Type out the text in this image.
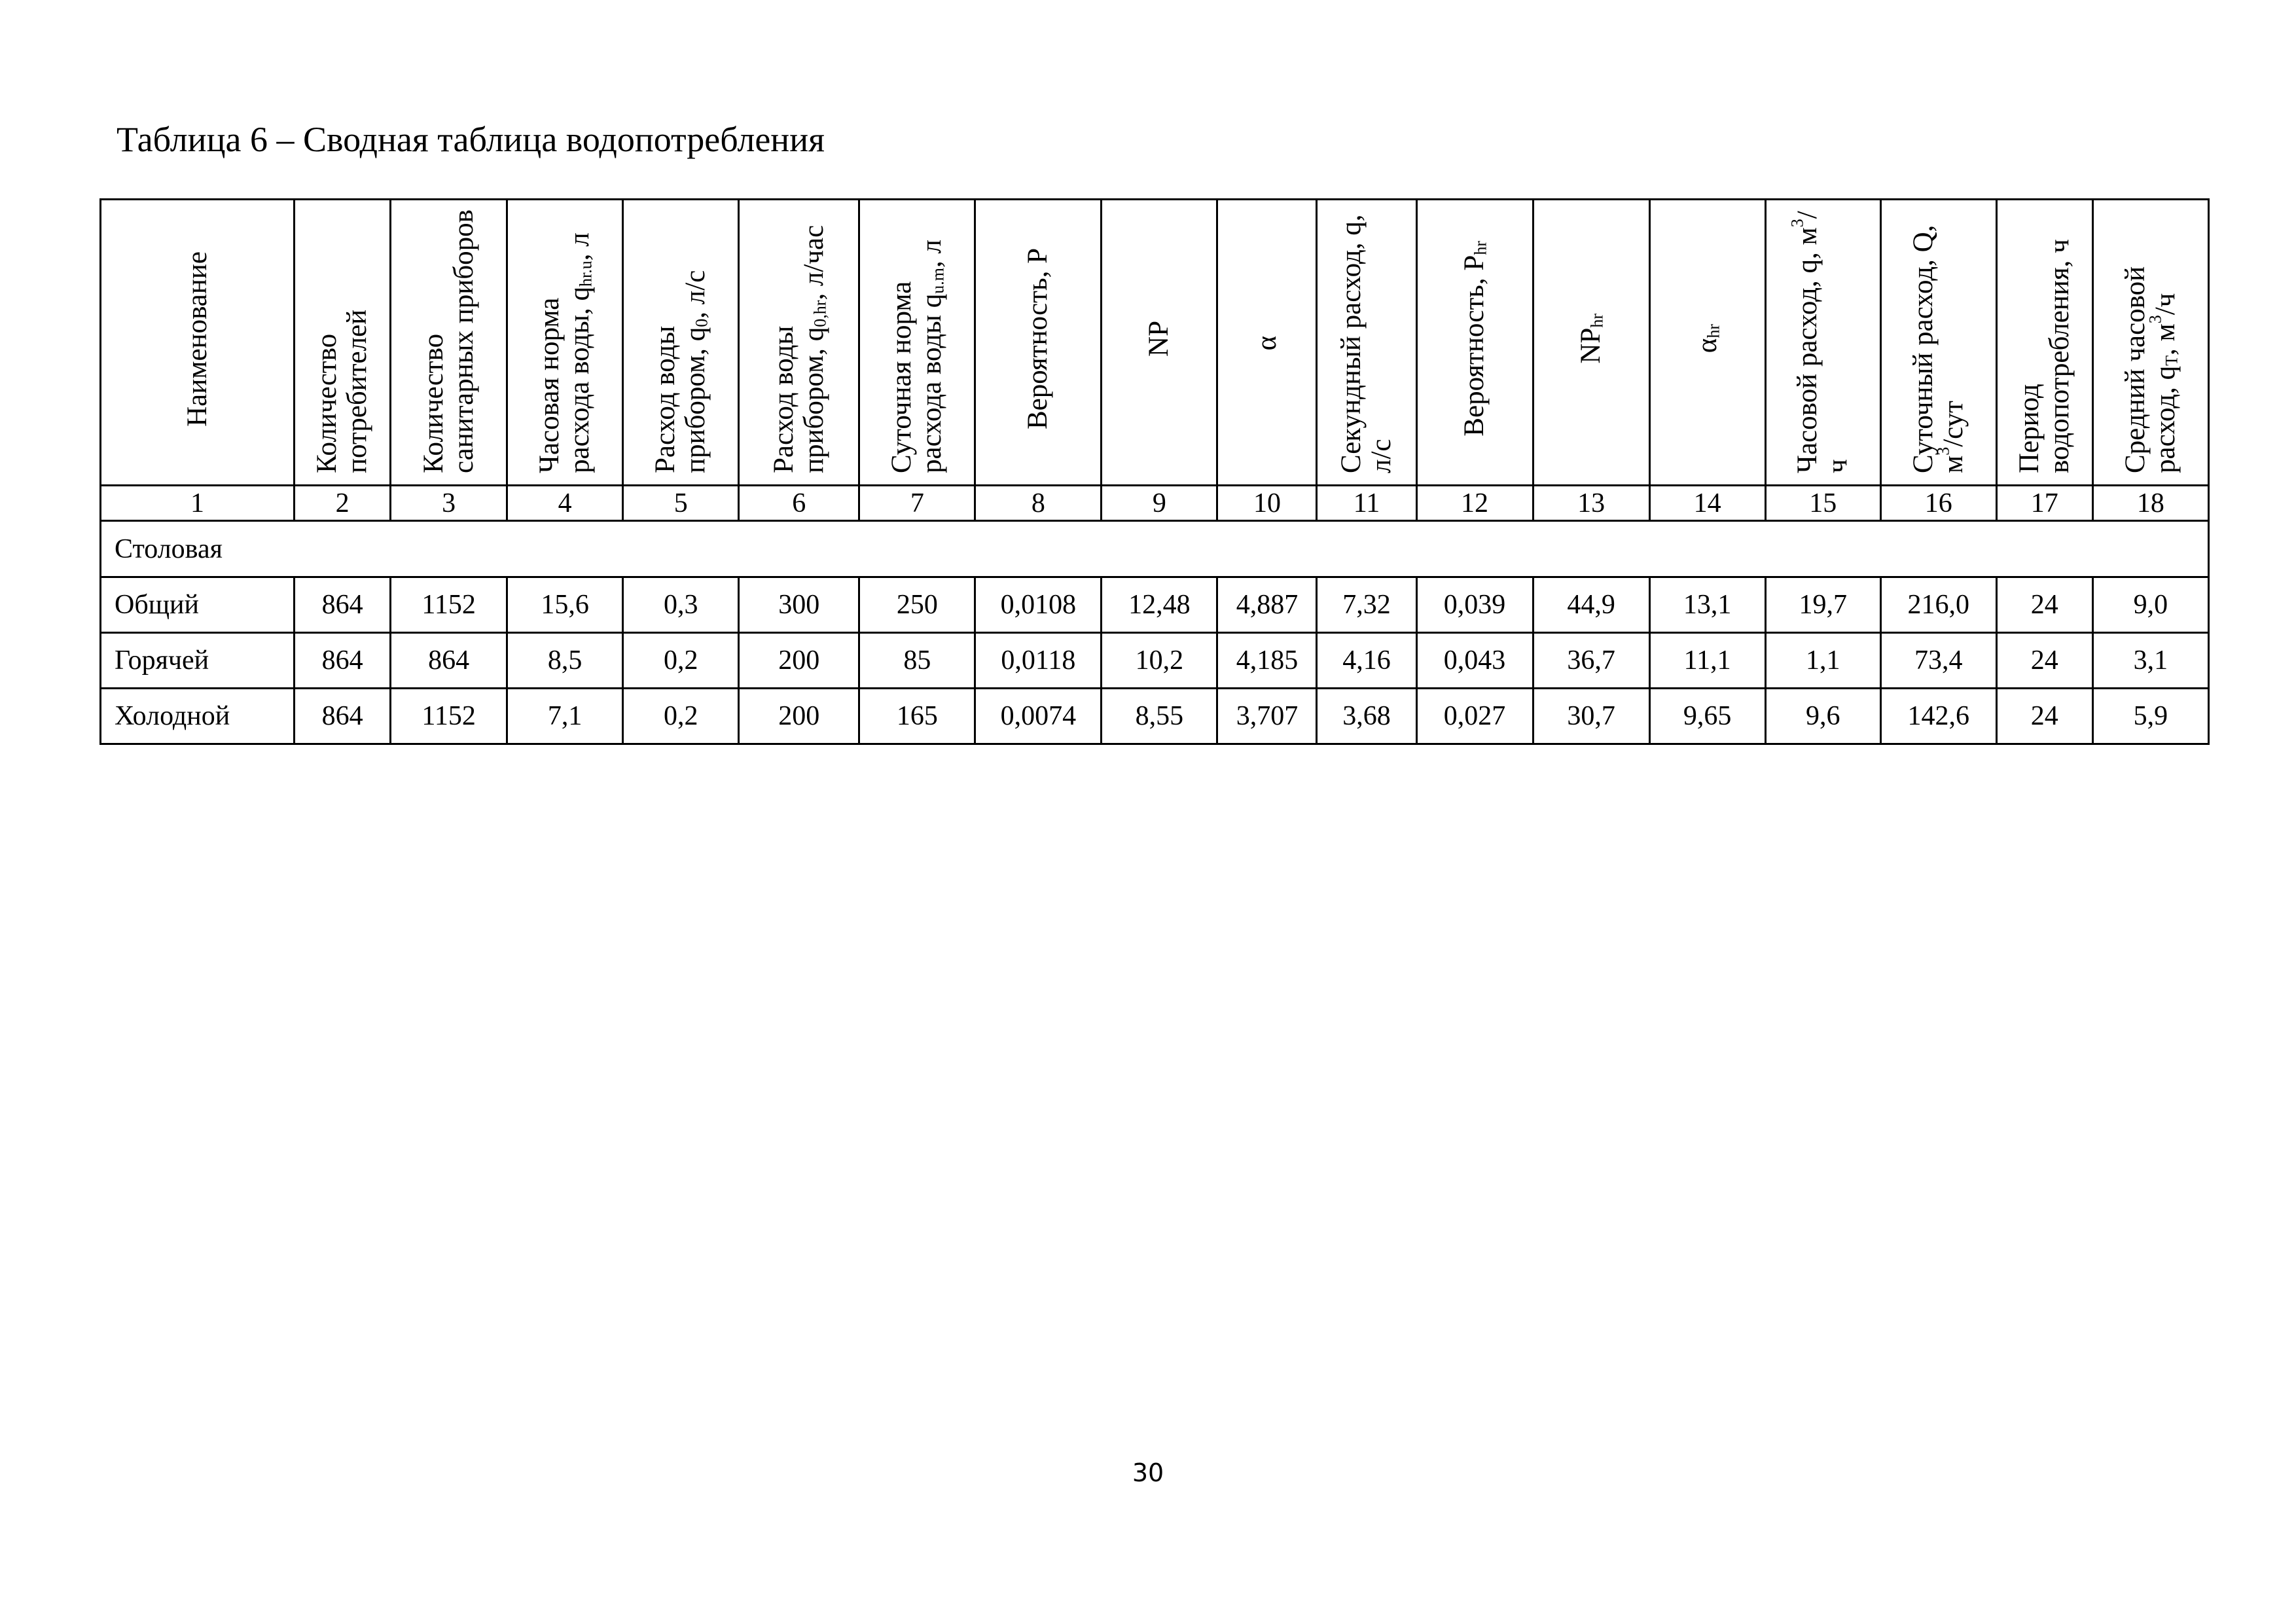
Таблица 6 – Сводная таблица водопотребления
Наименование	Количество потребителей	Количество санитарных приборов	Часовая норма расхода воды, $q_{hr.u}$, л	Расход воды прибором, $q_0$, л/с	Расход воды прибором, $q_{0,hr}$, л/час	Суточная норма расхода воды $q_{u.m}$, л	Вероятность, Р	NP	α	Секундный расход, q, л/с	Вероятность, $Р_{hr}$	$NP_{hr}$	$\alpha_{hr}$	Часовой расход, q, $м^3/ч$	Суточный расход, Q, $м^3$/сут	Период водопотребления, ч	Средний часовой расход, $q_T$, $м^3/ч$
1	2	3	4	5	6	7	8	9	10	11	12	13	14	15	16	17	18
Столовая																	
Общий	864	1152	15,6	0,3	300	250	0,0108	12,48	4,887	7,32	0,039	44,9	13,1	19,7	216,0	24	9,0
Горячей	864	864	8,5	0,2	200	85	0,0118	10,2	4,185	4,16	0,043	36,7	11,1	1,1	73,4	24	3,1
Холодной	864	1152	7,1	0,2	200	165	0,0074	8,55	3,707	3,68	0,027	30,7	9,65	9,6	142,6	24	5,9
30
